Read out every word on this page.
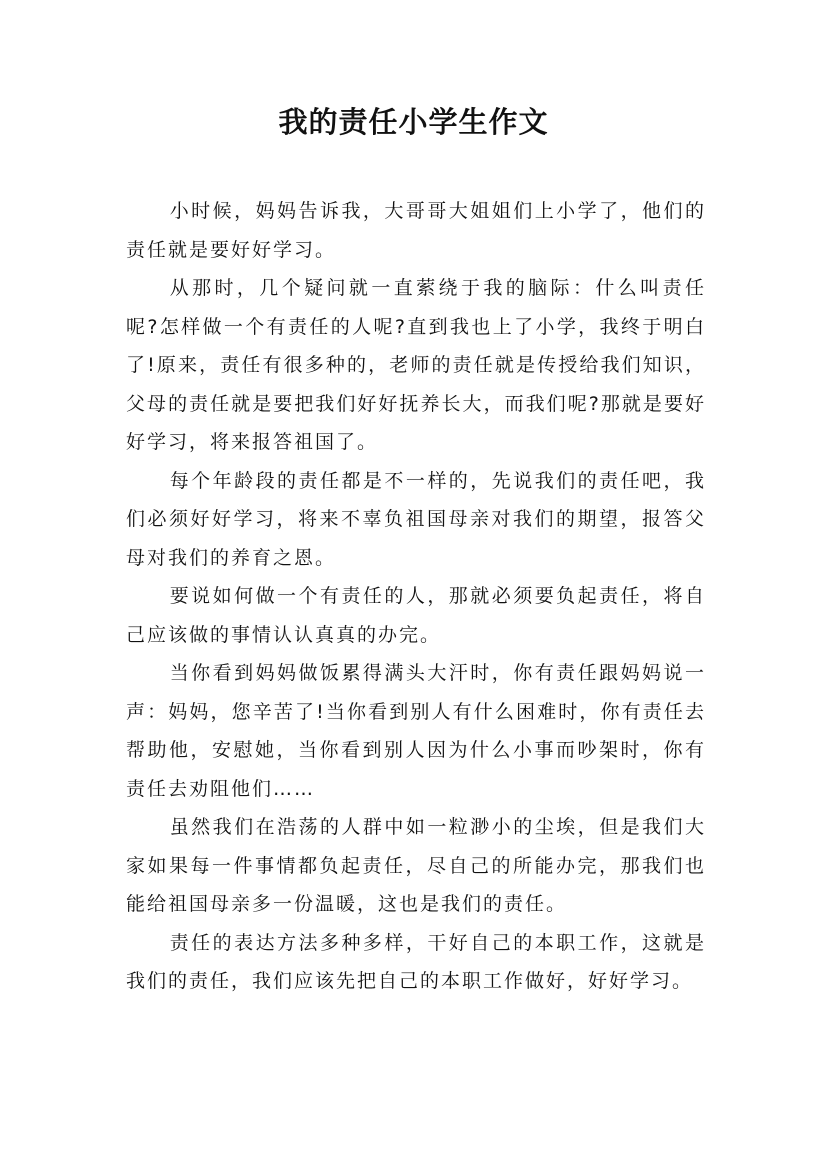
我的责任小学生作文

小时候，妈妈告诉我，大哥哥大姐姐们上小学了，他们的责任就是要好好学习。

从那时，几个疑问就一直萦绕于我的脑际：什么叫责任呢?怎样做一个有责任的人呢?直到我也上了小学，我终于明白了!原来，责任有很多种的，老师的责任就是传授给我们知识，父母的责任就是要把我们好好抚养长大，而我们呢?那就是要好好学习，将来报答祖国了。

每个年龄段的责任都是不一样的，先说我们的责任吧，我们必须好好学习，将来不辜负祖国母亲对我们的期望，报答父母对我们的养育之恩。

要说如何做一个有责任的人，那就必须要负起责任，将自己应该做的事情认认真真的办完。

当你看到妈妈做饭累得满头大汗时，你有责任跟妈妈说一声：妈妈，您辛苦了!当你看到别人有什么困难时，你有责任去帮助他，安慰她，当你看到别人因为什么小事而吵架时，你有责任去劝阻他们……

虽然我们在浩荡的人群中如一粒渺小的尘埃，但是我们大家如果每一件事情都负起责任，尽自己的所能办完，那我们也能给祖国母亲多一份温暖，这也是我们的责任。

责任的表达方法多种多样，干好自己的本职工作，这就是我们的责任，我们应该先把自己的本职工作做好，好好学习。
